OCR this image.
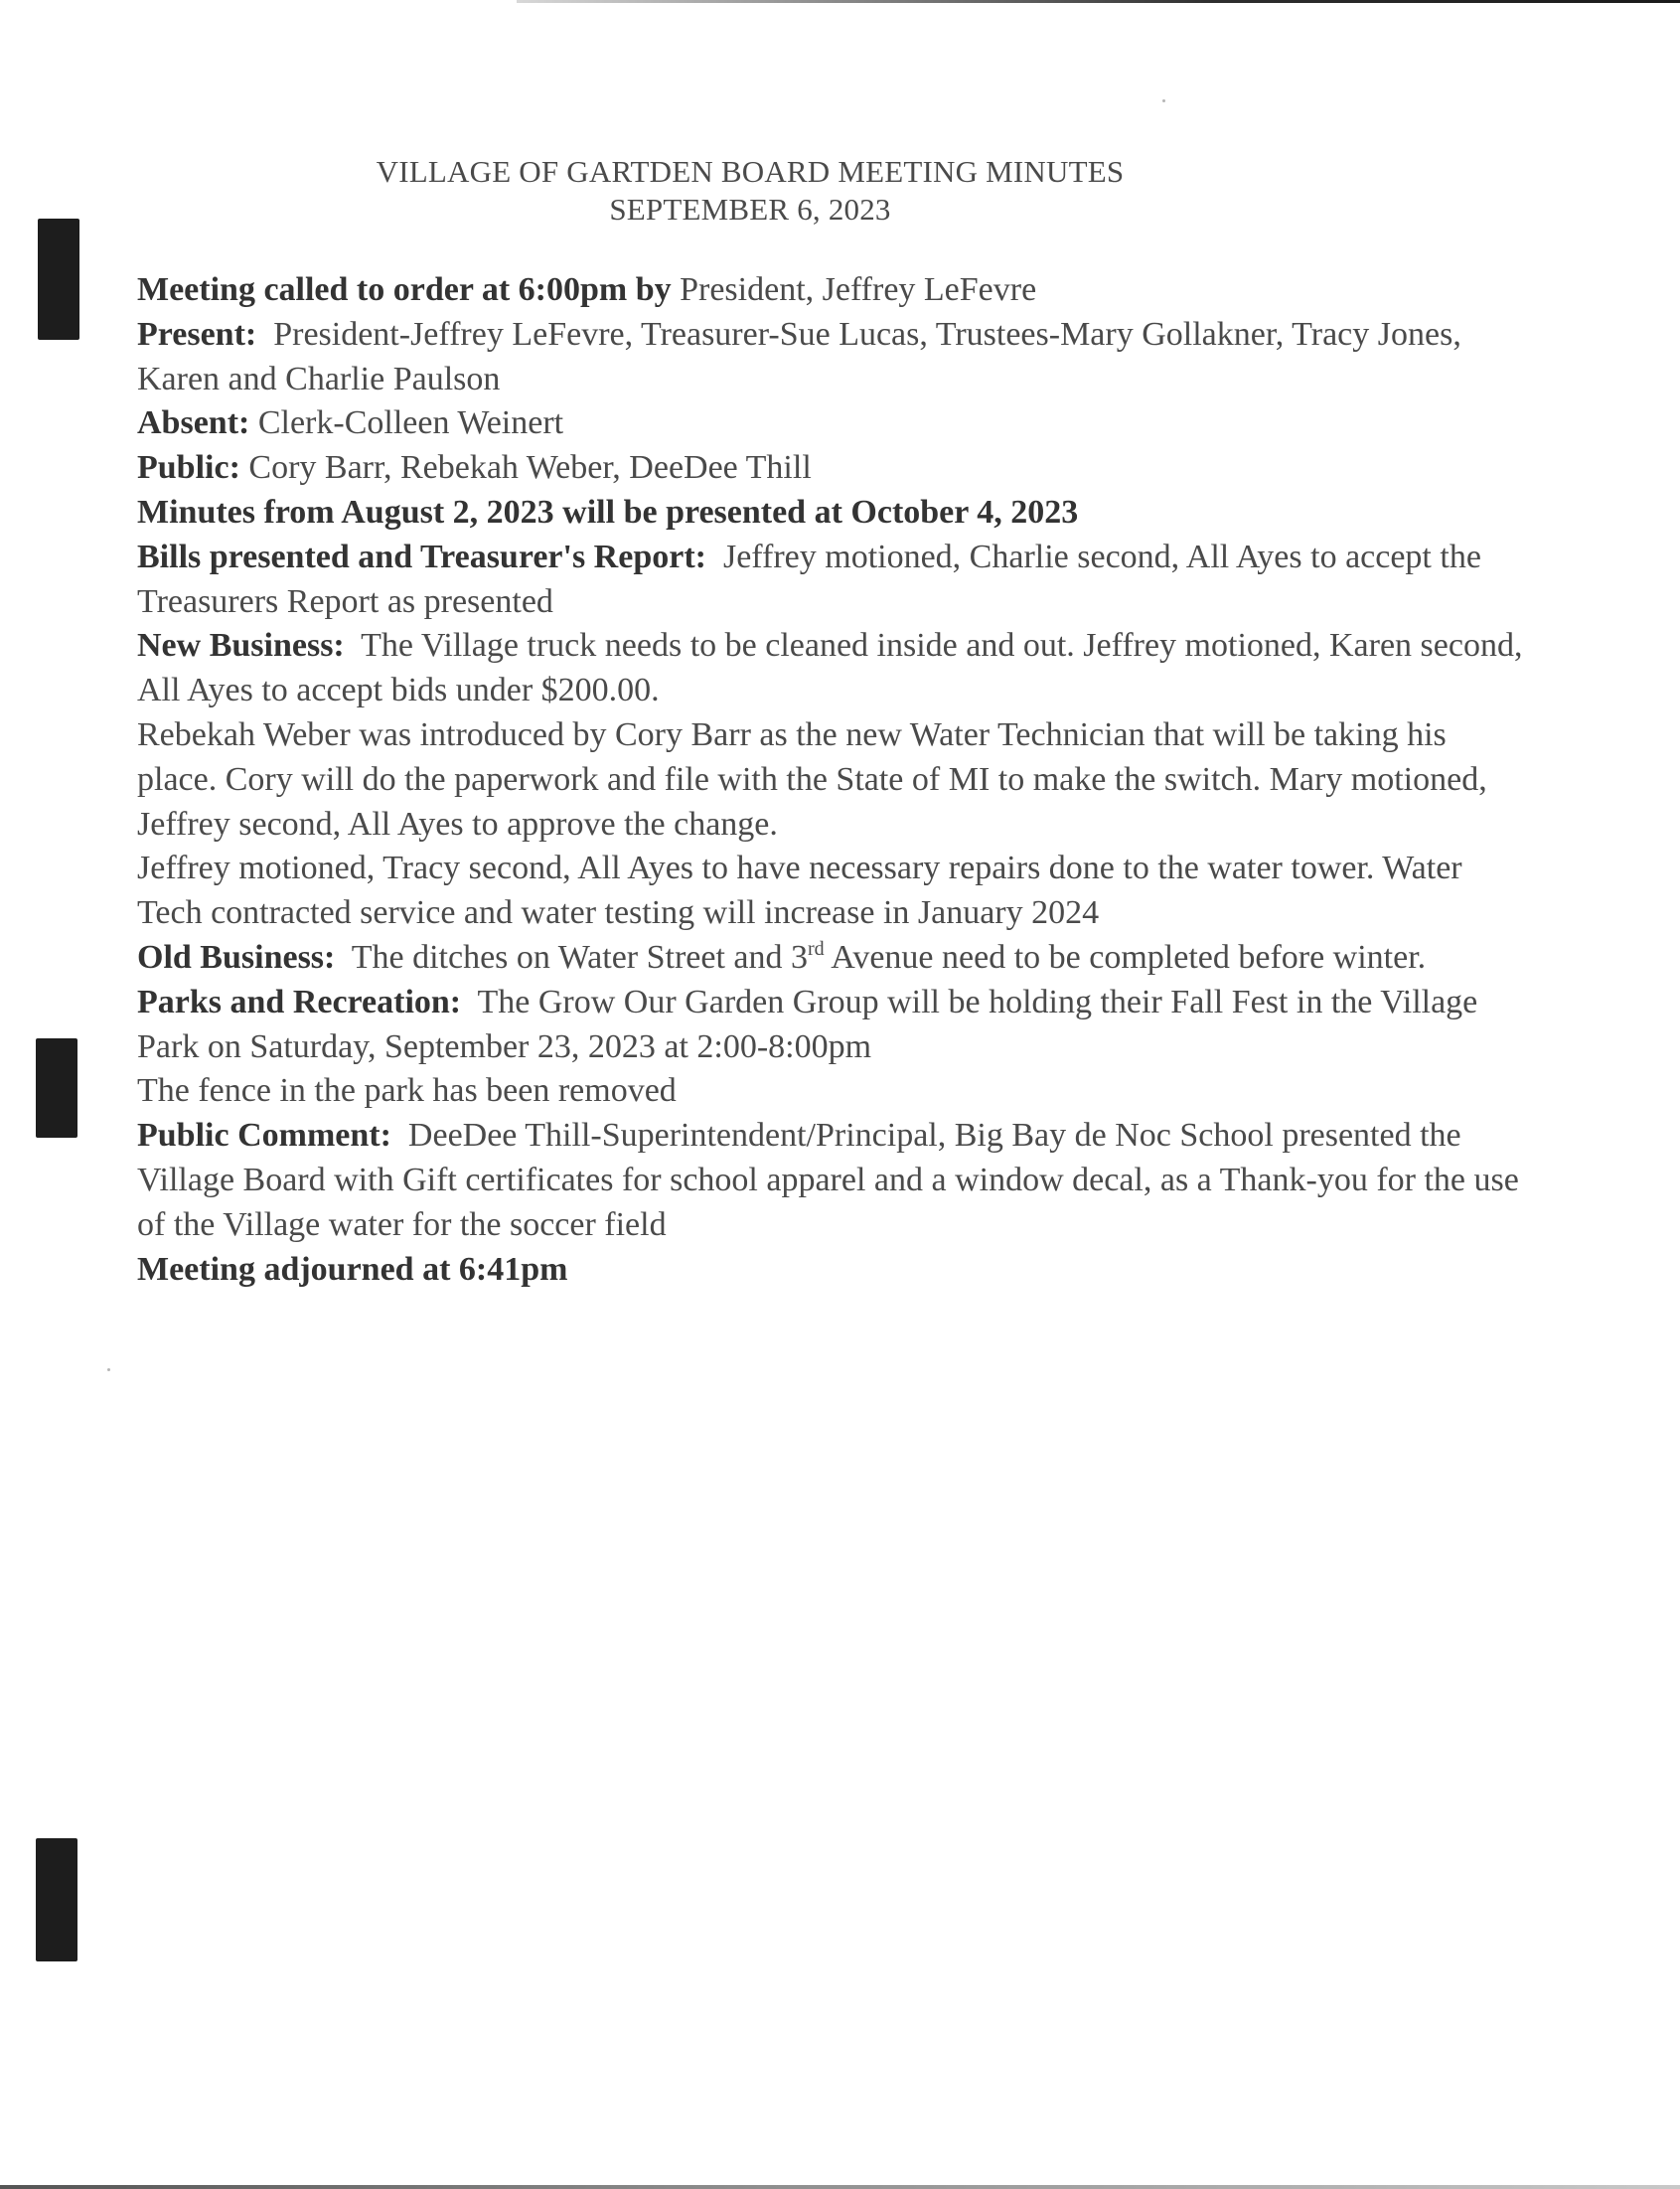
VILLAGE OF GARTDEN BOARD MEETING MINUTES
SEPTEMBER 6, 2023

Meeting called to order at 6:00pm by President, Jeffrey LeFevre

Present: President-Jeffrey LeFevre, Treasurer-Sue Lucas, Trustees-Mary Gollakner, Tracy Jones, Karen and Charlie Paulson

Absent: Clerk-Colleen Weinert

Public: Cory Barr, Rebekah Weber, DeeDee Thill

Minutes from August 2, 2023 will be presented at October 4, 2023

Bills presented and Treasurer's Report: Jeffrey motioned, Charlie second, All Ayes to accept the Treasurers Report as presented

New Business: The Village truck needs to be cleaned inside and out. Jeffrey motioned, Karen second, All Ayes to accept bids under $200.00.

Rebekah Weber was introduced by Cory Barr as the new Water Technician that will be taking his place. Cory will do the paperwork and file with the State of MI to make the switch. Mary motioned, Jeffrey second, All Ayes to approve the change.

Jeffrey motioned, Tracy second, All Ayes to have necessary repairs done to the water tower. Water Tech contracted service and water testing will increase in January 2024

Old Business: The ditches on Water Street and 3rd Avenue need to be completed before winter.

Parks and Recreation: The Grow Our Garden Group will be holding their Fall Fest in the Village Park on Saturday, September 23, 2023 at 2:00-8:00pm

The fence in the park has been removed

Public Comment: DeeDee Thill-Superintendent/Principal, Big Bay de Noc School presented the Village Board with Gift certificates for school apparel and a window decal, as a Thank-you for the use of the Village water for the soccer field

Meeting adjourned at 6:41pm
